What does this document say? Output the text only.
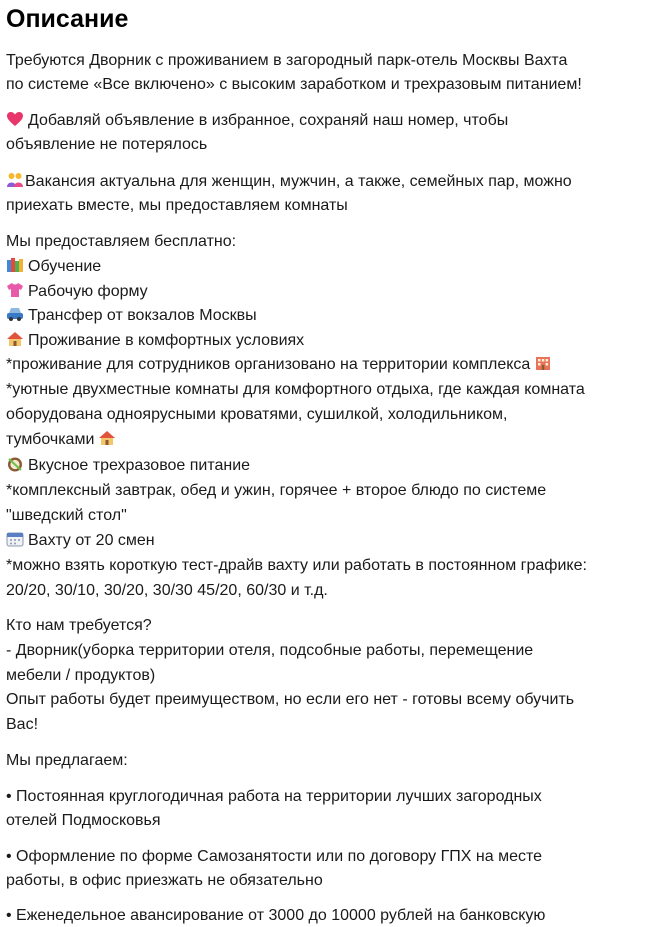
Описание
Требуются Дворник с проживанием в загородный парк-отель Москвы Вахта
по системе «Все включено» с высоким заработком и трехразовым питанием!
Добавляй объявление в избранное, сохраняй наш номер, чтобы
объявление не потерялось
Вакансия актуальна для женщин, мужчин, а также, семейных пар, можно
приехать вместе, мы предоставляем комнаты
Мы предоставляем бесплатно:
Обучение
Рабочую форму
Трансфер от вокзалов Москвы
Проживание в комфортных условиях
*проживание для сотрудников организовано на территории комплекса
*уютные двухместные комнаты для комфортного отдыха, где каждая комната
оборудована одноярусными кроватями, сушилкой, холодильником,
тумбочками
Вкусное трехразовое питание
*комплексный завтрак, обед и ужин, горячее + второе блюдо по системе
"шведский стол"
Вахту от 20 смен
*можно взять короткую тест-драйв вахту или работать в постоянном графике:
20/20, 30/10, 30/20, 30/30 45/20, 60/30 и т.д.
Кто нам требуется?
- Дворник(уборка территории отеля, подсобные работы, перемещение
мебели / продуктов)
Опыт работы будет преимуществом, но если его нет - готовы всему обучить
Вас!
Мы предлагаем:
• Постоянная круглогодичная работа на территории лучших загородных
отелей Подмосковья
• Оформление по форме Самозанятости или по договору ГПХ на месте
работы, в офис приезжать не обязательно
• Еженедельное авансирование от 3000 до 10000 рублей на банковскую
